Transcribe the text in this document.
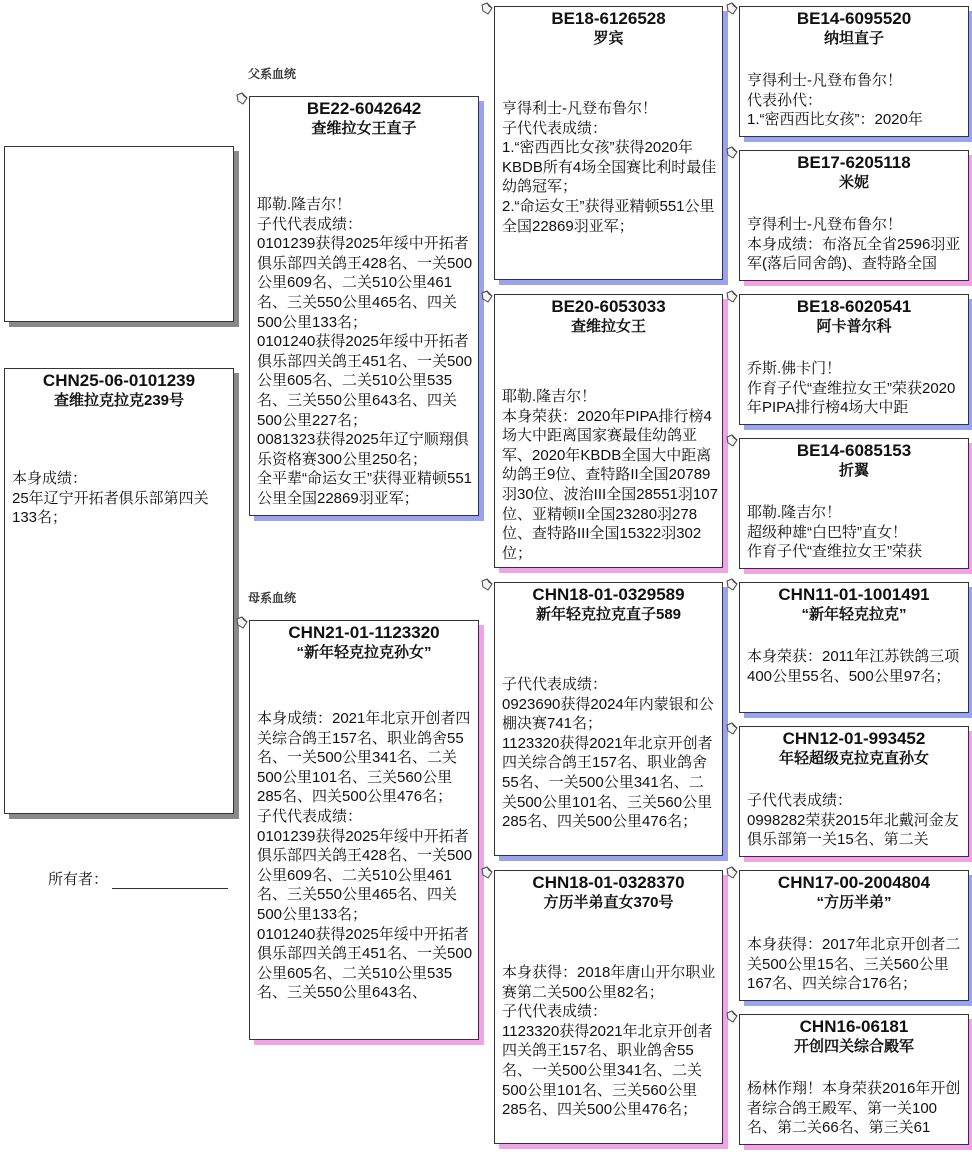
父系血统
母系血统
所有者：
CHN25-06-0101239
查维拉克拉克239号

本身成绩：

25年辽宁开拓者俱乐部第四关133名；

BE22-6042642
查维拉女王直子

耶勒.隆吉尔！

子代代表成绩：

0101239获得2025年绥中开拓者俱乐部四关鸽王428名、一关500公里609名、二关510公里461名、三关550公里465名、四关500公里133名；

0101240获得2025年绥中开拓者俱乐部四关鸽王451名、一关500公里605名、二关510公里535名、三关550公里643名、四关500公里227名；

0081323获得2025年辽宁顺翔俱乐资格赛300公里250名；

全平辈“命运女王”获得亚精顿551公里全国22869羽亚军；

CHN21-01-1123320
“新年轻克拉克孙女”

本身成绩：2021年北京开创者四关综合鸽王157名、职业鸽舍55名、一关500公里341名、二关500公里101名、三关560公里285名、四关500公里476名；

子代代表成绩：

0101239获得2025年绥中开拓者俱乐部四关鸽王428名、一关500公里609名、二关510公里461名、三关550公里465名、四关500公里133名；

0101240获得2025年绥中开拓者俱乐部四关鸽王451名、一关500公里605名、二关510公里535名、三关550公里643名、

BE18-6126528
罗宾

亨得利士-凡登布鲁尔！

子代代表成绩：

1.“密西西比女孩”获得2020年KBDB所有4场全国赛比利时最佳幼鸽冠军；

2.“命运女王”获得亚精顿551公里全国22869羽亚军；

BE20-6053033
查维拉女王

耶勒.隆吉尔！

本身荣获：2020年PIPA排行榜4场大中距离国家赛最佳幼鸽亚军、2020年KBDB全国大中距离幼鸽王9位、查特路II全国20789羽30位、波治III全国28551羽107位、亚精顿II全国23280羽278位、查特路III全国15322羽302位；

CHN18-01-0329589
新年轻克拉克直子589

子代代表成绩：

0923690获得2024年内蒙银和公棚决赛741名；

1123320获得2021年北京开创者四关综合鸽王157名、职业鸽舍55名、一关500公里341名、二关500公里101名、三关560公里285名、四关500公里476名；

CHN18-01-0328370
方历半弟直女370号

本身获得：2018年唐山开尔职业赛第二关500公里82名；

子代代表成绩：

1123320获得2021年北京开创者四关鸽王157名、职业鸽舍55名、一关500公里341名、二关500公里101名、三关560公里285名、四关500公里476名；

BE14-6095520
纳坦直子

亨得利士-凡登布鲁尔！

代表孙代：

1.“密西西比女孩”：2020年

BE17-6205118
米妮

亨得利士-凡登布鲁尔！

本身成绩：布洛瓦全省2596羽亚军(落后同舍鸽)、查特路全国

BE18-6020541
阿卡普尔科

乔斯.佛卡门！

作育子代“查维拉女王”荣获2020年PIPA排行榜4场大中距

BE14-6085153
折翼

耶勒.隆吉尔！

超级种雄“白巴特”直女！

作育子代“查维拉女王”荣获

CHN11-01-1001491
“新年轻克拉克”

本身荣获：2011年江苏铁鸽三项400公里55名、500公里97名；

CHN12-01-993452
年轻超级克拉克直孙女

子代代表成绩：

0998282荣获2015年北戴河金友俱乐部第一关15名、第二关

CHN17-00-2004804
“方历半弟”

本身获得：2017年北京开创者二关500公里15名、三关560公里167名、四关综合176名；

CHN16-06181
开创四关综合殿军

杨林作翔！本身荣获2016年开创者综合鸽王殿军、第一关100名、第二关66名、第三关61
